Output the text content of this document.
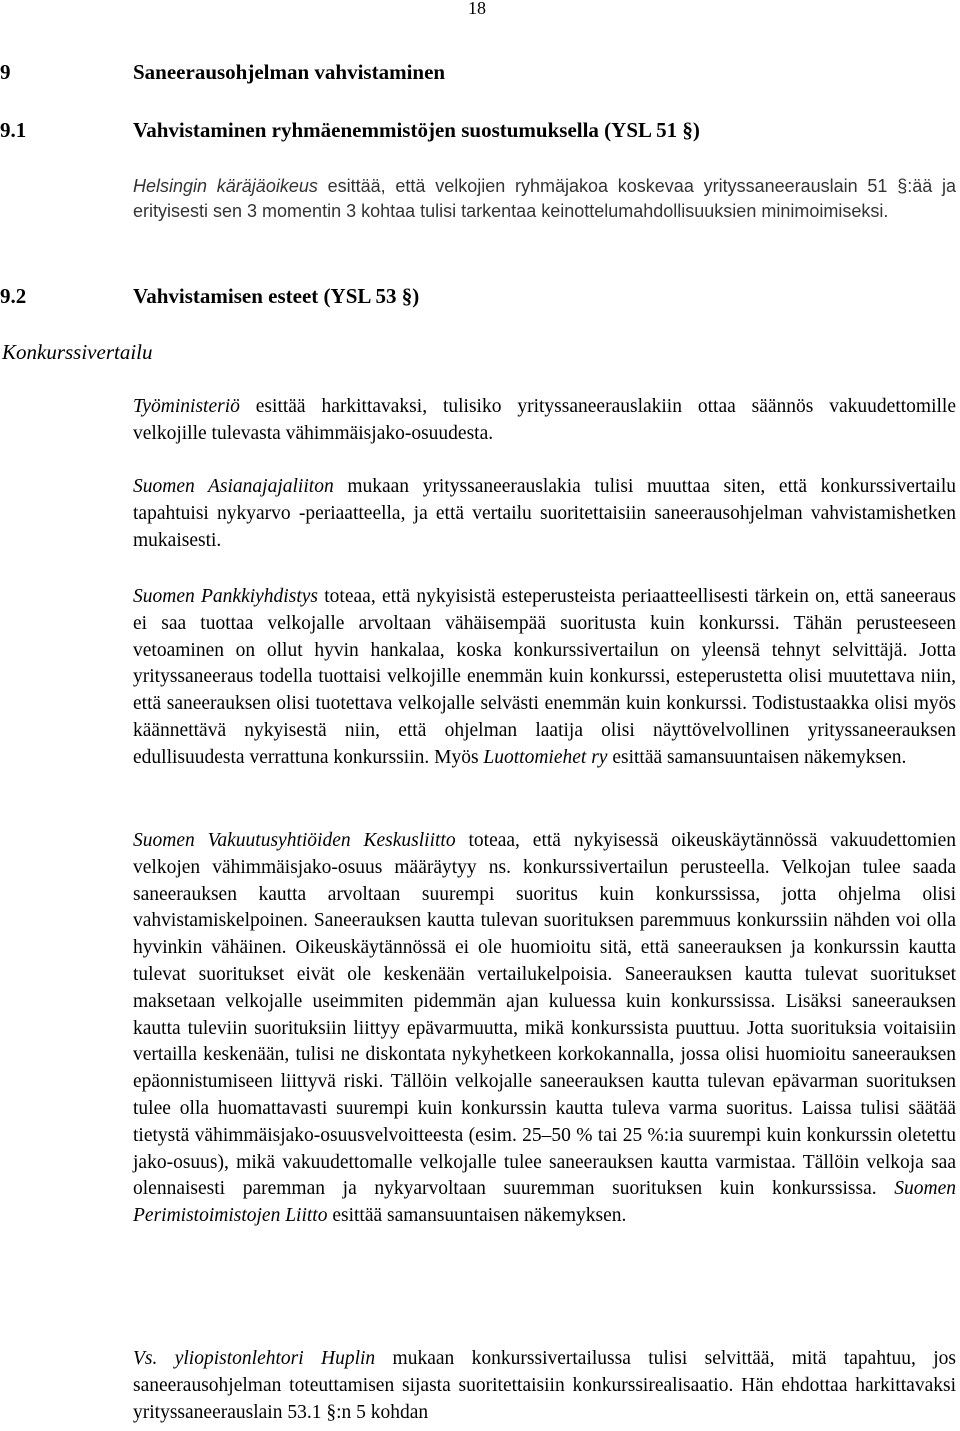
18
9	Saneerausohjelman vahvistaminen
9.1	Vahvistaminen ryhmäenemmistöjen suostumuksella (YSL 51 §)

Helsingin käräjäoikeus esittää, että velkojien ryhmäjakoa koskevaa yrityssaneerauslain 51 §:ää ja erityisesti sen 3 momentin 3 kohtaa tulisi tarkentaa keinottelumahdollisuuksien minimoimiseksi.

9.2	Vahvistamisen esteet (YSL 53 §)
Konkurssivertailu

Työministeriö esittää harkittavaksi, tulisiko yrityssaneerauslakiin ottaa säännös vakuudettomille velkojille tulevasta vähimmäisjako-osuudesta.

Suomen Asianajajaliiton mukaan yrityssaneerauslakia tulisi muuttaa siten, että konkurssivertailu tapahtuisi nykyarvo -periaatteella, ja että vertailu suoritettaisiin saneerausohjelman vahvistamishetken mukaisesti.

Suomen Pankkiyhdistys toteaa, että nykyisistä esteperusteista periaatteellisesti tärkein on, että saneeraus ei saa tuottaa velkojalle arvoltaan vähäisempää suoritusta kuin konkurssi. Tähän perusteeseen vetoaminen on ollut hyvin hankalaa, koska konkurssivertailun on yleensä tehnyt selvittäjä. Jotta yrityssaneeraus todella tuottaisi velkojille enemmän kuin konkurssi, esteperustetta olisi muutettava niin, että saneerauksen olisi tuotettava velkojalle selvästi enemmän kuin konkurssi. Todistustaakka olisi myös käännettävä nykyisestä niin, että ohjelman laatija olisi näyttövelvollinen yrityssaneerauksen edullisuudesta verrattuna konkurssiin. Myös Luottomiehet ry esittää samansuuntaisen näkemyksen.

Suomen Vakuutusyhtiöiden Keskusliitto toteaa, että nykyisessä oikeuskäytännössä vakuudettomien velkojen vähimmäisjako-osuus määräytyy ns. konkurssivertailun perusteella. Velkojan tulee saada saneerauksen kautta arvoltaan suurempi suoritus kuin konkurssissa, jotta ohjelma olisi vahvistamiskelpoinen. Saneerauksen kautta tulevan suorituksen paremmuus konkurssiin nähden voi olla hyvinkin vähäinen. Oikeuskäytännössä ei ole huomioitu sitä, että saneerauksen ja konkurssin kautta tulevat suoritukset eivät ole keskenään vertailukelpoisia. Saneerauksen kautta tulevat suoritukset maksetaan velkojalle useimmiten pidemmän ajan kuluessa kuin konkurssissa. Lisäksi saneerauksen kautta tuleviin suorituksiin liittyy epävarmuutta, mikä konkurssista puuttuu. Jotta suorituksia voitaisiin vertailla keskenään, tulisi ne diskontata nykyhetkeen korkokannalla, jossa olisi huomioitu saneerauksen epäonnistumiseen liittyvä riski. Tällöin velkojalle saneerauksen kautta tulevan epävarman suorituksen tulee olla huomattavasti suurempi kuin konkurssin kautta tuleva varma suoritus. Laissa tulisi säätää tietystä vähimmäisjako-osuusvelvoitteesta (esim. 25–50 % tai 25 %:ia suurempi kuin konkurssin oletettu jako-osuus), mikä vakuudettomalle velkojalle tulee saneerauksen kautta varmistaa. Tällöin velkoja saa olennaisesti paremman ja nykyarvoltaan suuremman suorituksen kuin konkurssissa. Suomen Perimistoimistojen Liitto esittää samansuuntaisen näkemyksen.

Vs. yliopistonlehtori Huplin mukaan konkurssivertailussa tulisi selvittää, mitä tapahtuu, jos saneerausohjelman toteuttamisen sijasta suoritettaisiin konkurssirealisaatio. Hän ehdottaa harkittavaksi yrityssaneerauslain 53.1 §:n 5 kohdan
